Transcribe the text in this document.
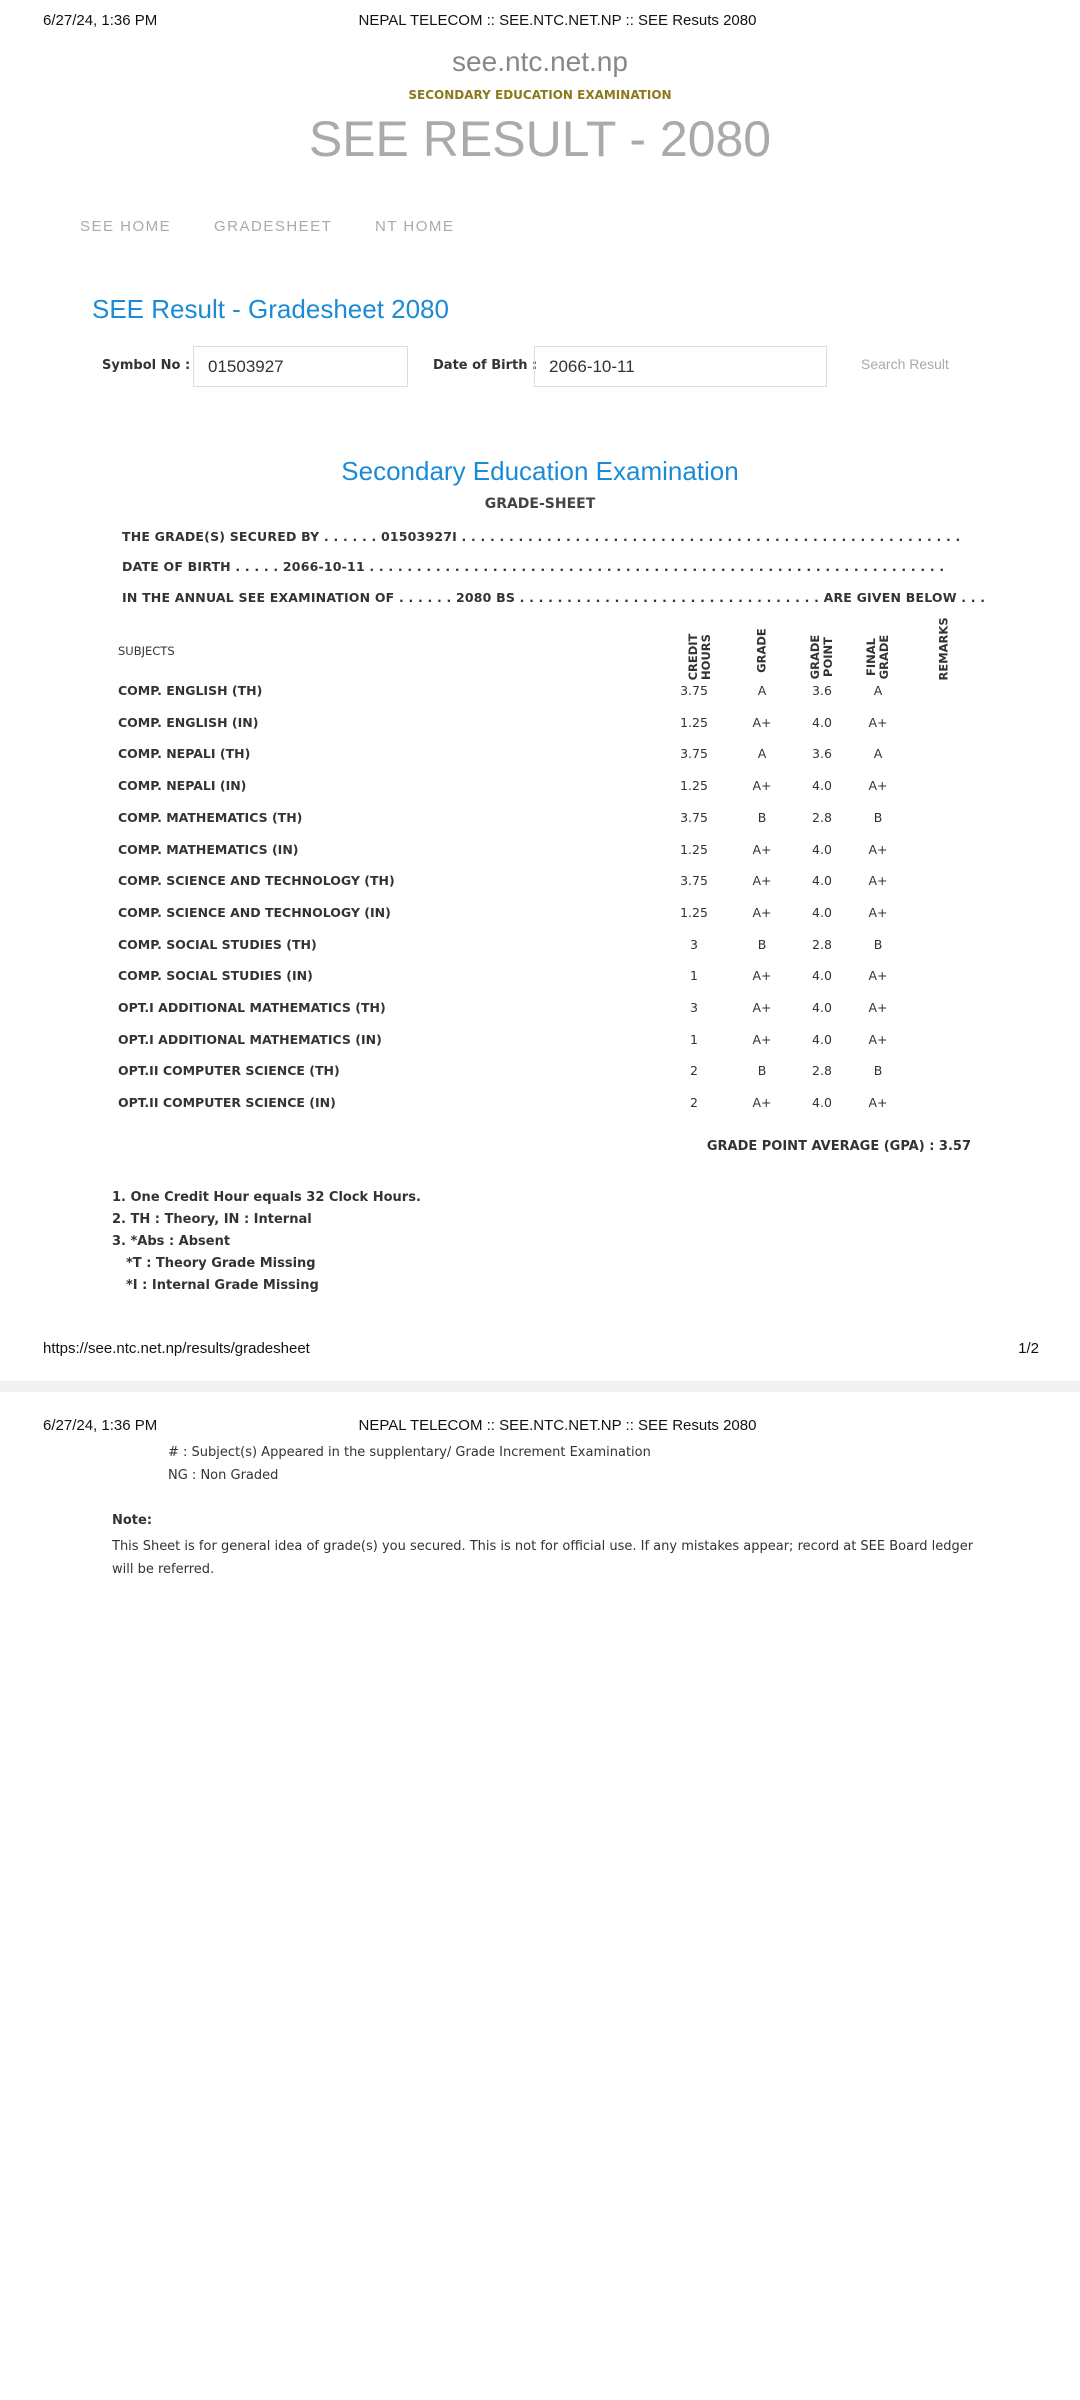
6/27/24, 1:36 PM	NEPAL TELECOM :: SEE.NTC.NET.NP :: SEE Resuts 2080
see.ntc.net.np
SECONDARY EDUCATION EXAMINATION
SEE RESULT - 2080
SEE HOME	GRADESHEET	NT HOME
SEE Result - Gradesheet 2080
Symbol No :	01503927	Date of Birth : 2066-10-11	Search Result
Secondary Education Examination
GRADE-SHEET
THE GRADE(S) SECURED BY . . . . . . 01503927I . . . . . . . . . . . . . . . . . . . . . . . . . . . . . . . . . . . . . . . . . . . . . . . . . . . . .
DATE OF BIRTH . . . . . 2066-10-11 . . . . . . . . . . . . . . . . . . . . . . . . . . . . . . . . . . . . . . . . . . . . . . . . . . . . . . . . . . . . .
IN THE ANNUAL SEE EXAMINATION OF . . . . . . 2080 BS . . . . . . . . . . . . . . . . . . . . . . . . . . . . . . . . ARE GIVEN BELOW . . .
SUBJECTS	CREDIT HOURS	GRADE	GRADE POINT	FINAL GRADE	REMARKS
COMP. ENGLISH (TH)	3.75	A	3.6	A
COMP. ENGLISH (IN)	1.25	A+	4.0	A+
COMP. NEPALI (TH)	3.75	A	3.6	A
COMP. NEPALI (IN)	1.25	A+	4.0	A+
COMP. MATHEMATICS (TH)	3.75	B	2.8	B
COMP. MATHEMATICS (IN)	1.25	A+	4.0	A+
COMP. SCIENCE AND TECHNOLOGY (TH)	3.75	A+	4.0	A+
COMP. SCIENCE AND TECHNOLOGY (IN)	1.25	A+	4.0	A+
COMP. SOCIAL STUDIES (TH)	3	B	2.8	B
COMP. SOCIAL STUDIES (IN)	1	A+	4.0	A+
OPT.I ADDITIONAL MATHEMATICS (TH)	3	A+	4.0	A+
OPT.I ADDITIONAL MATHEMATICS (IN)	1	A+	4.0	A+
OPT.II COMPUTER SCIENCE (TH)	2	B	2.8	B
OPT.II COMPUTER SCIENCE (IN)	2	A+	4.0	A+
GRADE POINT AVERAGE (GPA) : 3.57
1. One Credit Hour equals 32 Clock Hours.
2. TH : Theory, IN : Internal
3. *Abs : Absent
*T : Theory Grade Missing
*I : Internal Grade Missing
https://see.ntc.net.np/results/gradesheet	1/2
6/27/24, 1:36 PM	NEPAL TELECOM :: SEE.NTC.NET.NP :: SEE Resuts 2080
# : Subject(s) Appeared in the supplentary/ Grade Increment Examination
NG : Non Graded
Note:
This Sheet is for general idea of grade(s) you secured. This is not for official use. If any mistakes appear; record at SEE Board ledger will be referred.
